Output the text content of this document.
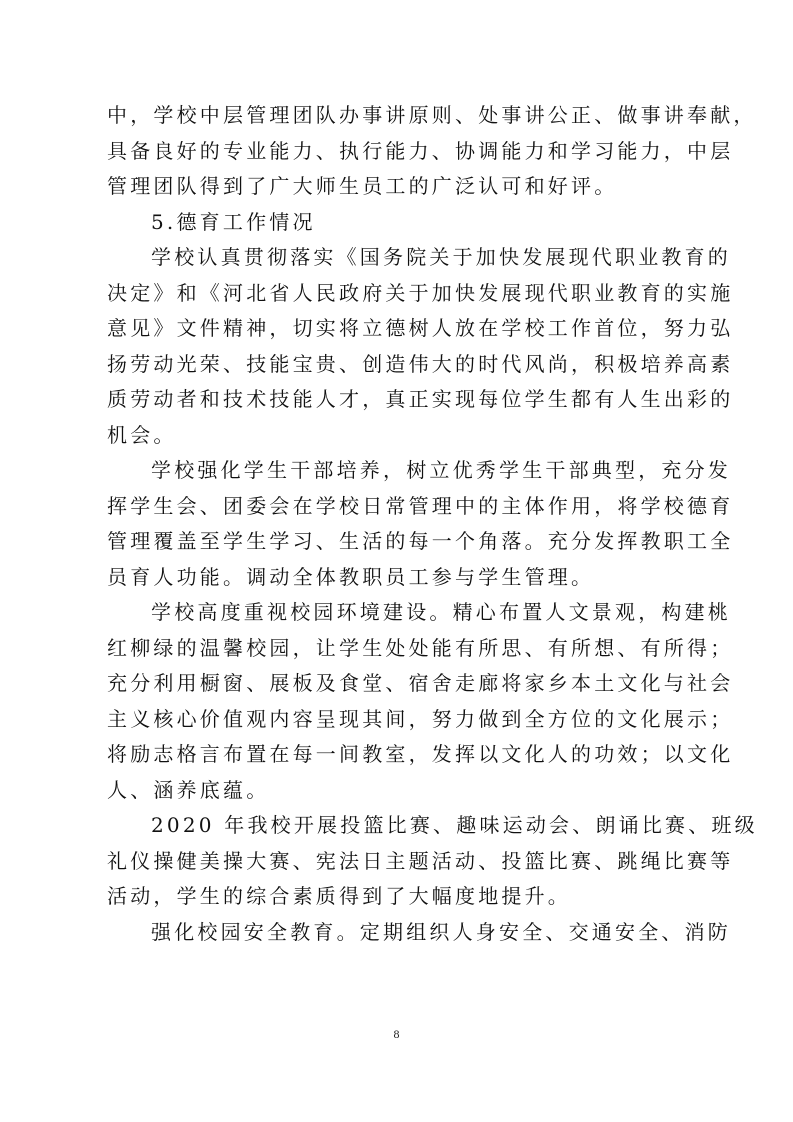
中，学校中层管理团队办事讲原则、处事讲公正、做事讲奉献，
具备良好的专业能力、执行能力、协调能力和学习能力，中层
管理团队得到了广大师生员工的广泛认可和好评。
5.德育工作情况
学校认真贯彻落实《国务院关于加快发展现代职业教育的
决定》和《河北省人民政府关于加快发展现代职业教育的实施
意见》文件精神，切实将立德树人放在学校工作首位，努力弘
扬劳动光荣、技能宝贵、创造伟大的时代风尚，积极培养高素
质劳动者和技术技能人才，真正实现每位学生都有人生出彩的
机会。
学校强化学生干部培养，树立优秀学生干部典型，充分发
挥学生会、团委会在学校日常管理中的主体作用，将学校德育
管理覆盖至学生学习、生活的每一个角落。充分发挥教职工全
员育人功能。调动全体教职员工参与学生管理。
学校高度重视校园环境建设。精心布置人文景观，构建桃
红柳绿的温馨校园，让学生处处能有所思、有所想、有所得；
充分利用橱窗、展板及食堂、宿舍走廊将家乡本土文化与社会
主义核心价值观内容呈现其间，努力做到全方位的文化展示；
将励志格言布置在每一间教室，发挥以文化人的功效；以文化
人、涵养底蕴。
2020 年我校开展投篮比赛、趣味运动会、朗诵比赛、班级
礼仪操健美操大赛、宪法日主题活动、投篮比赛、跳绳比赛等
活动，学生的综合素质得到了大幅度地提升。
强化校园安全教育。定期组织人身安全、交通安全、消防
8
